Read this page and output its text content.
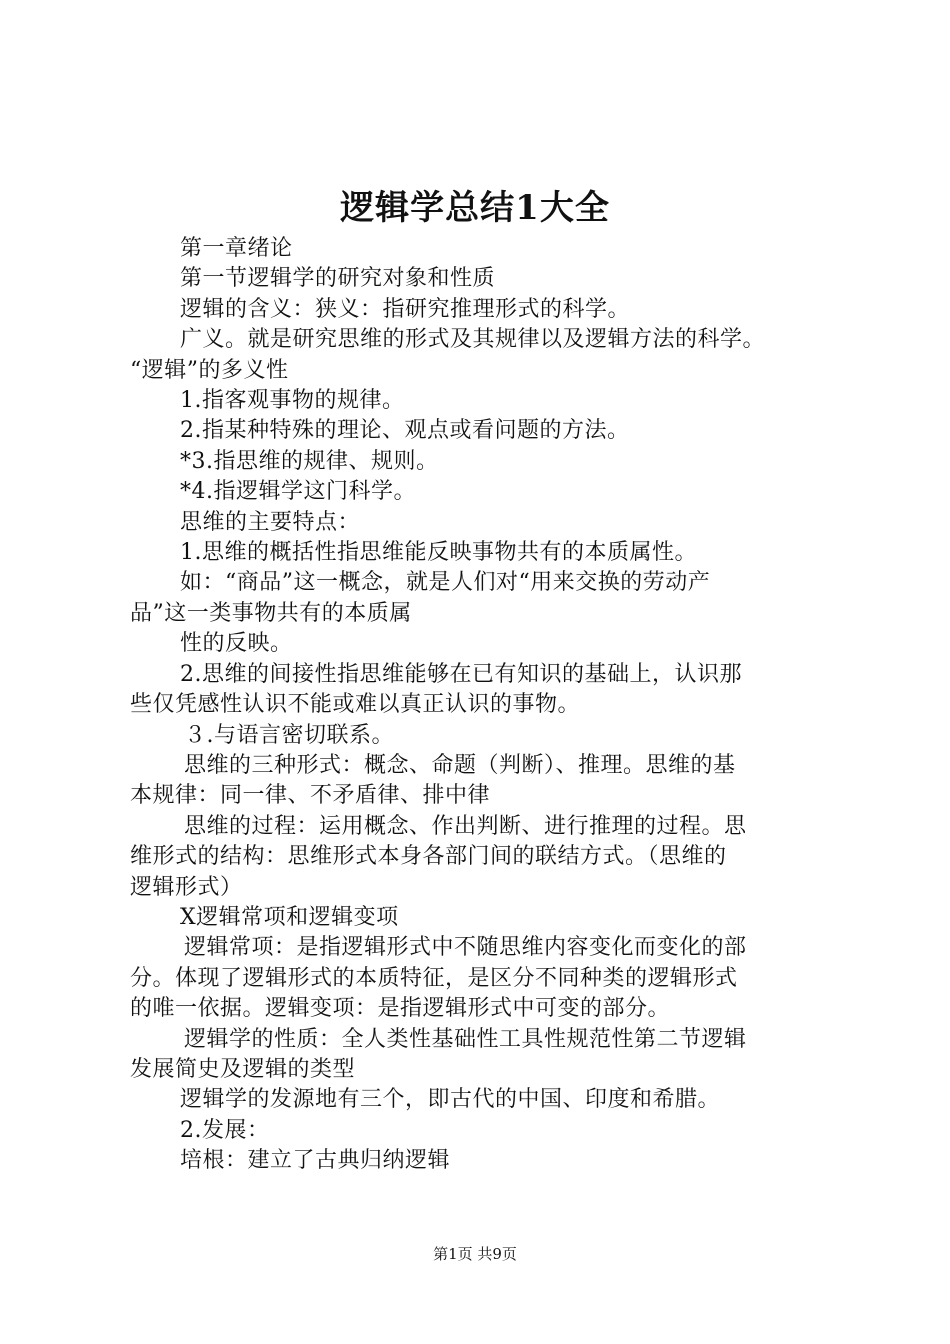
逻辑学总结1大全
第一章绪论
第一节逻辑学的研究对象和性质
逻辑的含义：狭义：指研究推理形式的科学。
广义。就是研究思维的形式及其规律以及逻辑方法的科学。
“逻辑”的多义性
1.指客观事物的规律。
2.指某种特殊的理论、观点或看问题的方法。
*3.指思维的规律、规则。
*4.指逻辑学这门科学。
思维的主要特点：
1.思维的概括性指思维能反映事物共有的本质属性。
如：“商品”这一概念，就是人们对“用来交换的劳动产
品”这一类事物共有的本质属
性的反映。
2.思维的间接性指思维能够在已有知识的基础上，认识那
些仅凭感性认识不能或难以真正认识的事物。
３.与语言密切联系。
思维的三种形式：概念、命题（判断）、推理。思维的基
本规律：同一律、不矛盾律、排中律
思维的过程：运用概念、作出判断、进行推理的过程。思
维形式的结构：思维形式本身各部门间的联结方式。（思维的
逻辑形式）
X逻辑常项和逻辑变项
逻辑常项：是指逻辑形式中不随思维内容变化而变化的部
分。体现了逻辑形式的本质特征，是区分不同种类的逻辑形式
的唯一依据。逻辑变项：是指逻辑形式中可变的部分。
逻辑学的性质：全人类性基础性工具性规范性第二节逻辑
发展简史及逻辑的类型
逻辑学的发源地有三个，即古代的中国、印度和希腊。
2.发展：
培根：建立了古典归纳逻辑
第1页 共9页
